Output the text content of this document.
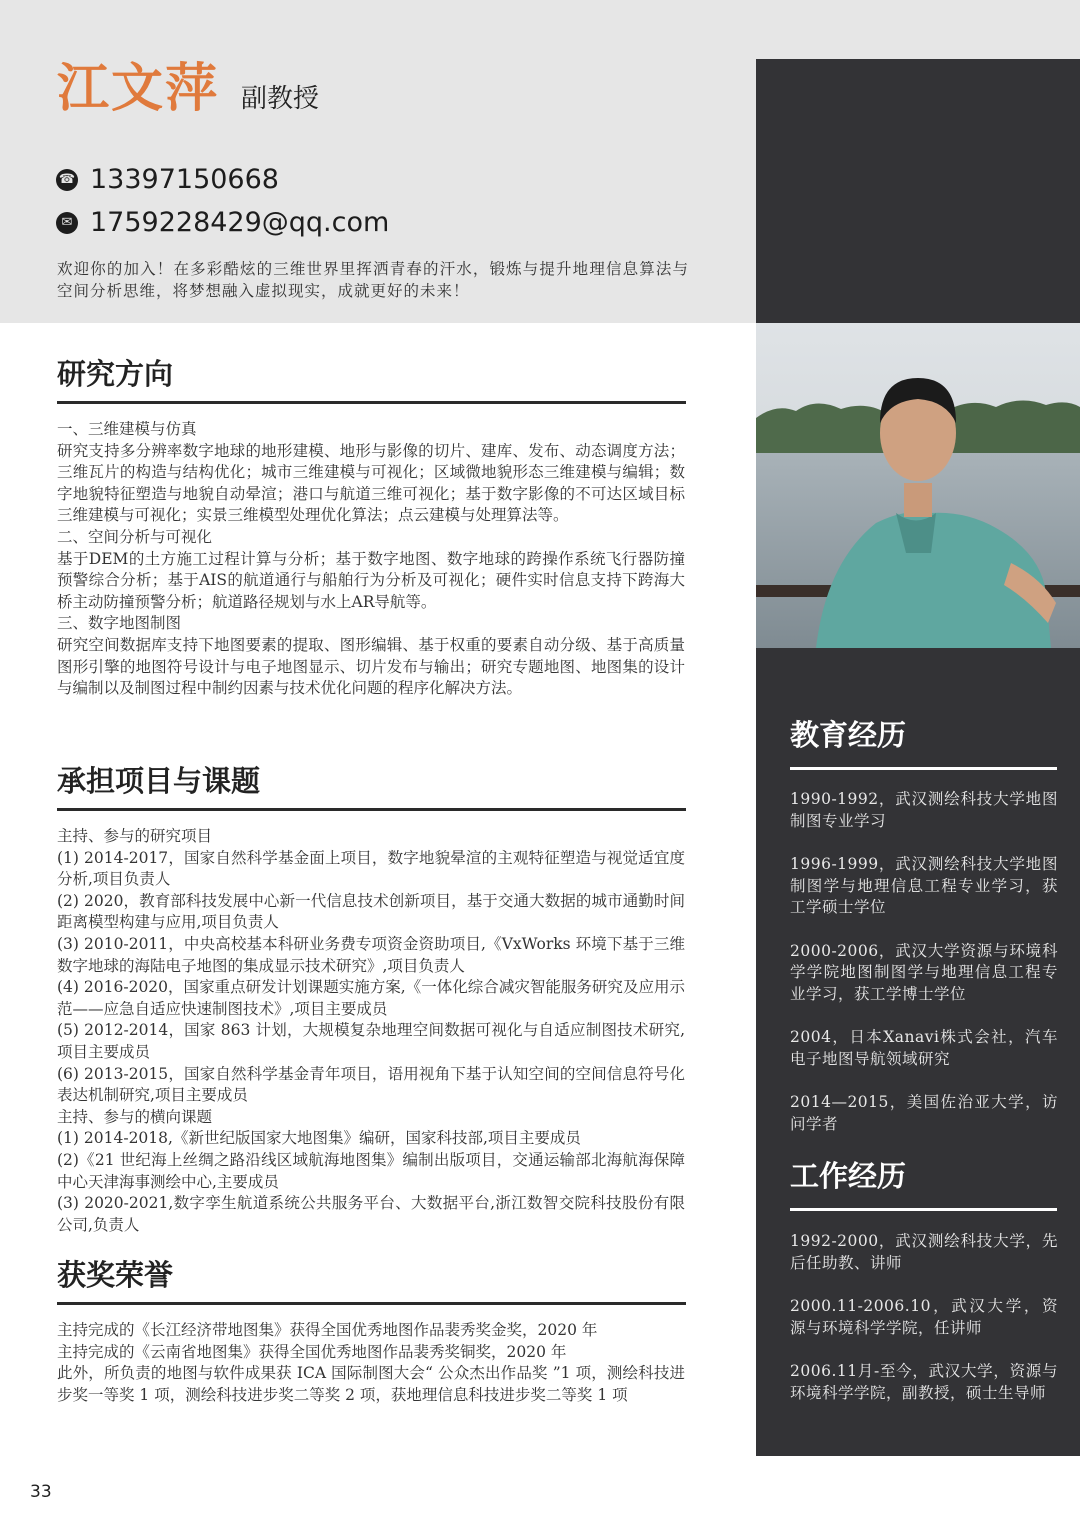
江文萍 副教授
☎ 13397150668
✉ 1759228429@qq.com
欢迎你的加入！在多彩酷炫的三维世界里挥洒青春的汗水，锻炼与提升地理信息算法与空间分析思维，将梦想融入虚拟现实，成就更好的未来！
研究方向

一、三维建模与仿真

研究支持多分辨率数字地球的地形建模、地形与影像的切片、建库、发布、动态调度方法；三维瓦片的构造与结构优化；城市三维建模与可视化；区域微地貌形态三维建模与编辑；数字地貌特征塑造与地貌自动晕渲；港口与航道三维可视化；基于数字影像的不可达区域目标三维建模与可视化；实景三维模型处理优化算法；点云建模与处理算法等。

二、空间分析与可视化

基于DEM的土方施工过程计算与分析；基于数字地图、数字地球的跨操作系统飞行器防撞预警综合分析；基于AIS的航道通行与船舶行为分析及可视化；硬件实时信息支持下跨海大桥主动防撞预警分析；航道路径规划与水上AR导航等。

三、数字地图制图

研究空间数据库支持下地图要素的提取、图形编辑、基于权重的要素自动分级、基于高质量图形引擎的地图符号设计与电子地图显示、切片发布与输出；研究专题地图、地图集的设计与编制以及制图过程中制约因素与技术优化问题的程序化解决方法。

承担项目与课题

主持、参与的研究项目

(1) 2014-2017，国家自然科学基金面上项目，数字地貌晕渲的主观特征塑造与视觉适宜度分析,项目负责人

(2) 2020，教育部科技发展中心新一代信息技术创新项目，基于交通大数据的城市通勤时间距离模型构建与应用,项目负责人

(3) 2010-2011，中央高校基本科研业务费专项资金资助项目,《VxWorks 环境下基于三维数字地球的海陆电子地图的集成显示技术研究》,项目负责人

(4) 2016-2020，国家重点研发计划课题实施方案,《一体化综合减灾智能服务研究及应用示范——应急自适应快速制图技术》,项目主要成员

(5) 2012-2014，国家 863 计划，大规模复杂地理空间数据可视化与自适应制图技术研究,项目主要成员

(6) 2013-2015，国家自然科学基金青年项目，语用视角下基于认知空间的空间信息符号化表达机制研究,项目主要成员

主持、参与的横向课题

(1) 2014-2018,《新世纪版国家大地图集》编研，国家科技部,项目主要成员

(2)《21 世纪海上丝绸之路沿线区域航海地图集》编制出版项目，交通运输部北海航海保障中心天津海事测绘中心,主要成员

(3) 2020-2021,数字孪生航道系统公共服务平台、大数据平台,浙江数智交院科技股份有限公司,负责人

获奖荣誉

主持完成的《长江经济带地图集》获得全国优秀地图作品裴秀奖金奖，2020 年

主持完成的《云南省地图集》获得全国优秀地图作品裴秀奖铜奖，2020 年

此外，所负责的地图与软件成果获 ICA 国际制图大会“ 公众杰出作品奖 ”1 项，测绘科技进步奖一等奖 1 项，测绘科技进步奖二等奖 2 项，获地理信息科技进步奖二等奖 1 项

教育经历

1990-1992，武汉测绘科技大学地图制图专业学习

1996-1999，武汉测绘科技大学地图制图学与地理信息工程专业学习，获工学硕士学位

2000-2006，武汉大学资源与环境科学学院地图制图学与地理信息工程专业学习，获工学博士学位

2004，日本Xanavi株式会社，汽车电子地图导航领域研究

2014—2015，美国佐治亚大学，访问学者

工作经历

1992-2000，武汉测绘科技大学，先后任助教、讲师

2000.11-2006.10，武汉大学，资源与环境科学学院，任讲师

2006.11月-至今，武汉大学，资源与环境科学学院，副教授，硕士生导师

33
